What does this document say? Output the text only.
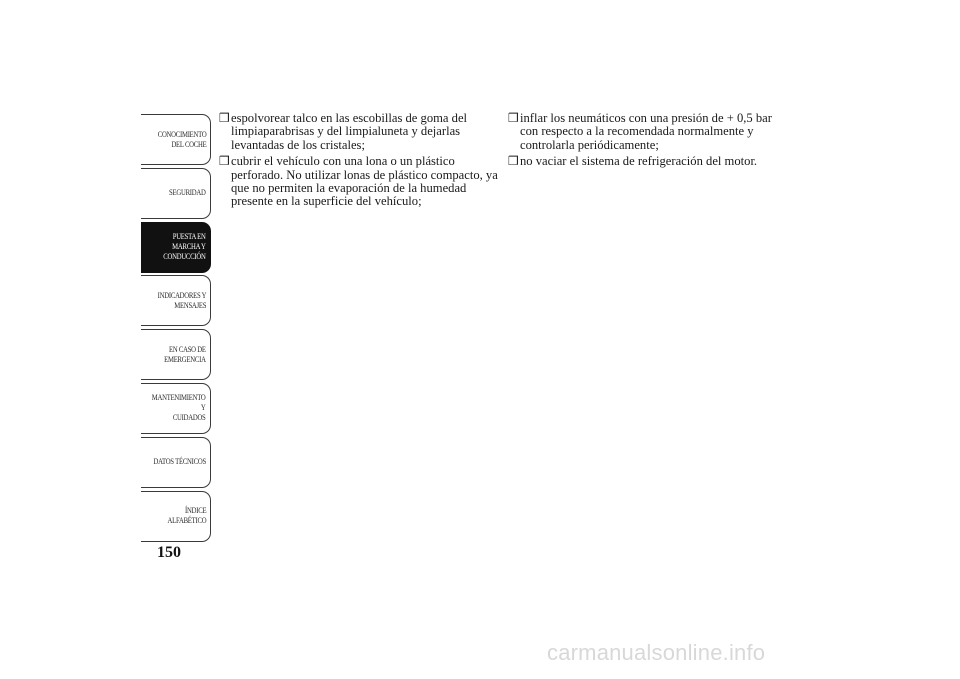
CONOCIMIENTO
DEL COCHE
SEGURIDAD
PUESTA EN
MARCHA Y
CONDUCCIÓN
INDICADORES Y
MENSAJES
EN CASO DE
EMERGENCIA
MANTENIMIENTO Y
CUIDADOS
DATOS TÉCNICOS
ÍNDICE
ALFABÉTICO
150
❒ espolvorear talco en las escobillas de goma del limpiaparabrisas y del limpialuneta y dejarlas levantadas de los cristales;
❒ cubrir el vehículo con una lona o un plástico perforado. No utilizar lonas de plástico compacto, ya que no permiten la evaporación de la humedad presente en la superficie del vehículo;
❒ inflar los neumáticos con una presión de + 0,5 bar con respecto a la recomendada normalmente y controlarla periódicamente;
❒ no vaciar el sistema de refrigeración del motor.
carmanualsonline.info
